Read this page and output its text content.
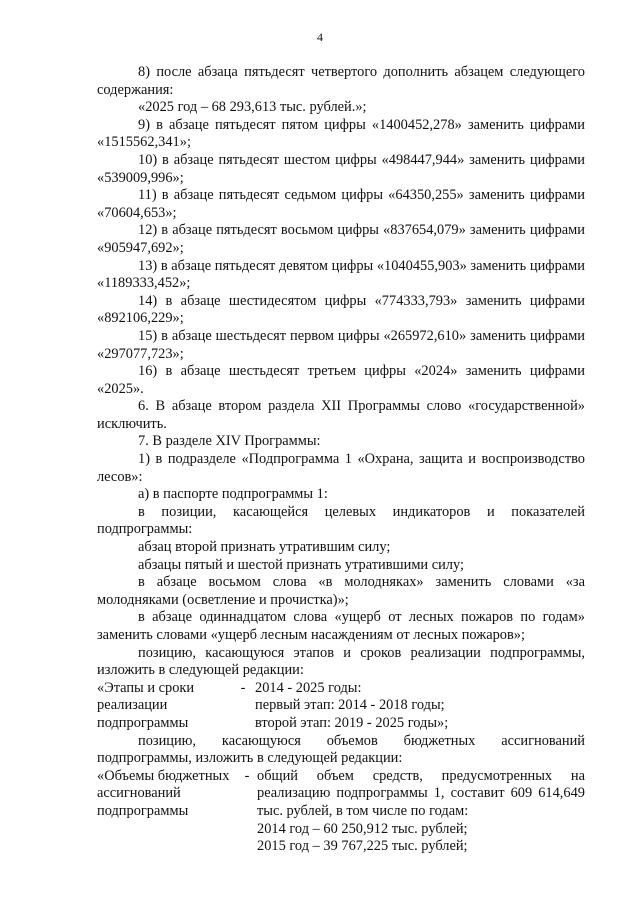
4

8) после абзаца пятьдесят четвертого дополнить абзацем следующего содержания:

«2025 год – 68 293,613 тыс. рублей.»;

9) в абзаце пятьдесят пятом цифры «1400452,278» заменить цифрами «1515562,341»;

10) в абзаце пятьдесят шестом цифры «498447,944» заменить цифрами «539009,996»;

11) в абзаце пятьдесят седьмом цифры «64350,255» заменить цифрами «70604,653»;

12) в абзаце пятьдесят восьмом цифры «837654,079» заменить цифрами «905947,692»;

13) в абзаце пятьдесят девятом цифры «1040455,903» заменить цифрами «1189333,452»;

14) в абзаце шестидесятом цифры «774333,793» заменить цифрами «892106,229»;

15) в абзаце шестьдесят первом цифры «265972,610» заменить цифрами «297077,723»;

16) в абзаце шестьдесят третьем цифры «2024» заменить цифрами «2025».

6. В абзаце втором раздела XII Программы слово «государственной» исключить.

7. В разделе XIV Программы:

1) в подразделе «Подпрограмма 1 «Охрана, защита и воспроизводство лесов»:

а) в паспорте подпрограммы 1:

в позиции, касающейся целевых индикаторов и показателей подпрограммы:

абзац второй признать утратившим силу;

абзацы пятый и шестой признать утратившими силу;

в абзаце восьмом слова «в молодняках» заменить словами «за молодняками (осветление и прочистка)»;

в абзаце одиннадцатом слова «ущерб от лесных пожаров по годам» заменить словами «ущерб лесным насаждениям от лесных пожаров»;

позицию, касающуюся этапов и сроков реализации подпрограммы, изложить в следующей редакции:

«Этапы и сроки реализации подпрограммы
- 2014 - 2025 годы:
первый этап: 2014 - 2018 годы;
второй этап: 2019 - 2025 годы»;

позицию, касающуюся объемов бюджетных ассигнований подпрограммы, изложить в следующей редакции:

«Объемы бюджетных ассигнований подпрограммы
- общий объем средств, предусмотренных на реализацию подпрограммы 1, составит 609 614,649 тыс. рублей, в том числе по годам:
2014 год – 60 250,912 тыс. рублей;
2015 год – 39 767,225 тыс. рублей;
